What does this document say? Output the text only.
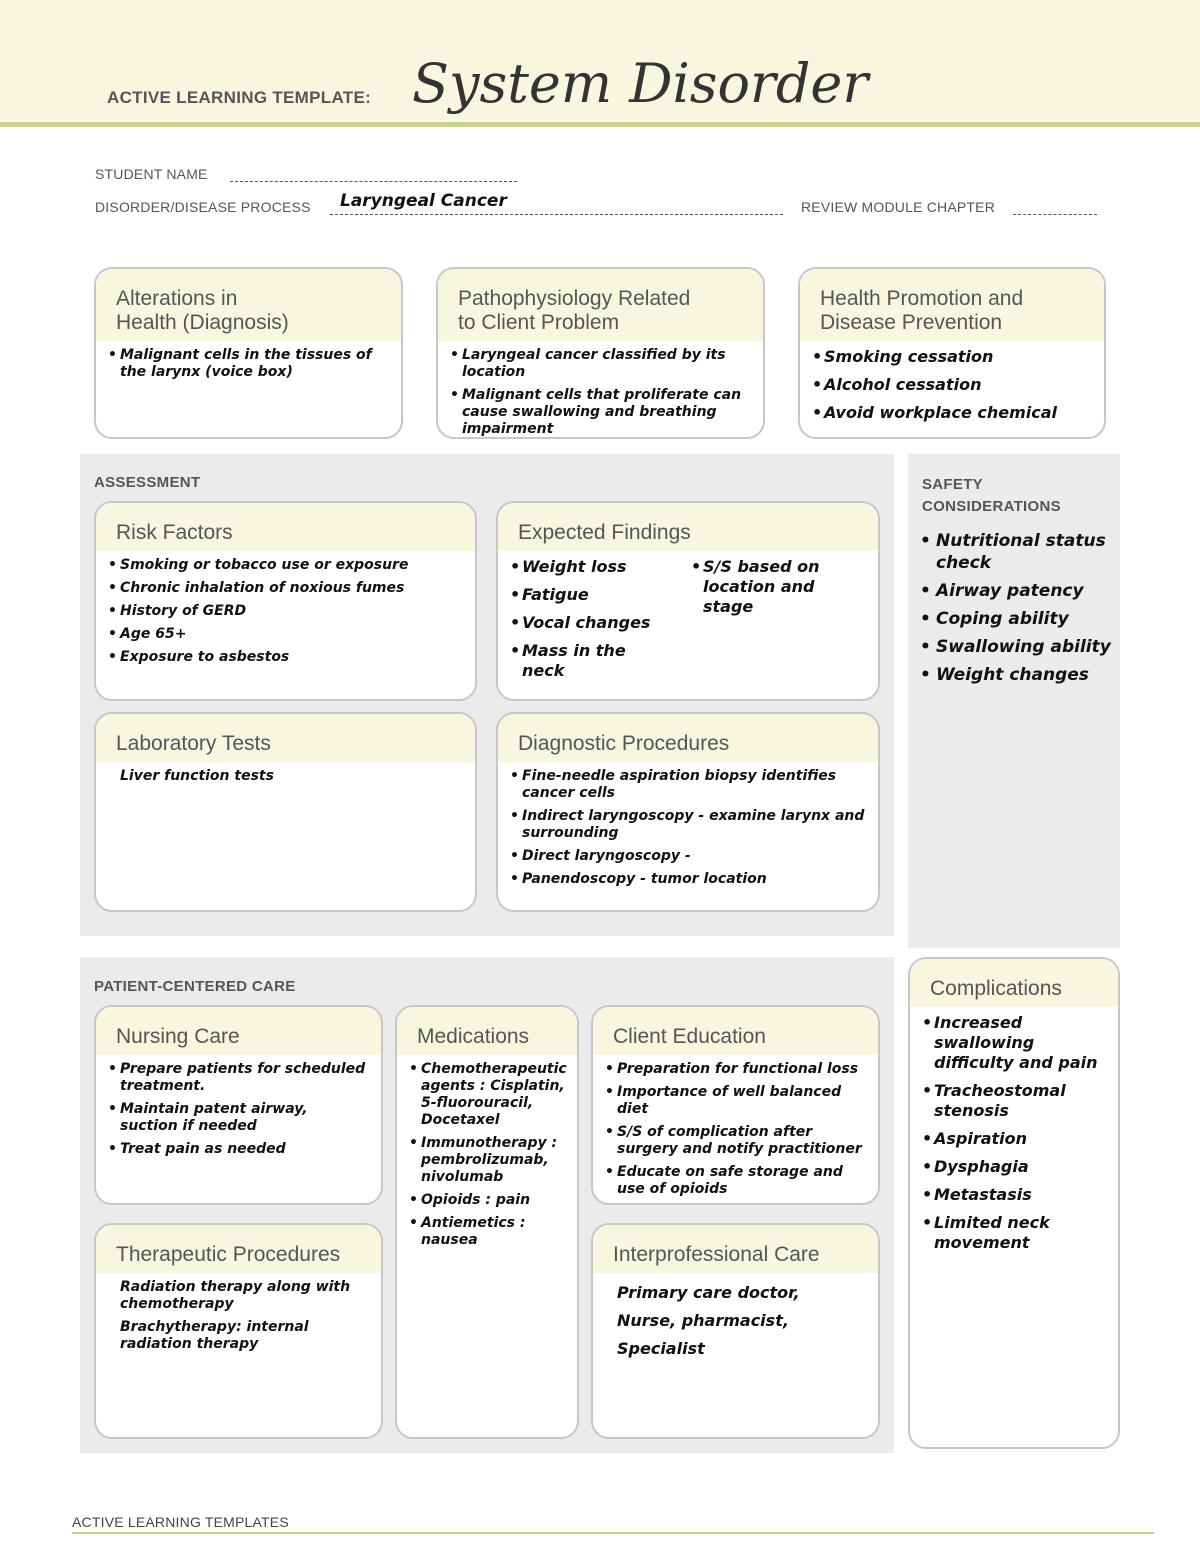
ACTIVE LEARNING TEMPLATE: System Disorder
STUDENT NAME
DISORDER/DISEASE PROCESS Laryngeal Cancer	REVIEW MODULE CHAPTER
Alterations in
Health (Diagnosis)
• Malignant cells in the tissues of the larynx (voice box)
Pathophysiology Related
to Client Problem
• Laryngeal cancer classified by its location
• Malignant cells that proliferate can cause swallowing and breathing impairment
Health Promotion and
Disease Prevention
• Smoking cessation
• Alcohol cessation
• Avoid workplace chemical
ASSESSMENT
Risk Factors
• Smoking or tobacco use or exposure
• Chronic inhalation of noxious fumes
• History of GERD
• Age 65+
• Exposure to asbestos
Expected Findings
• Weight loss
• Fatigue
• Vocal changes
• Mass in the neck
• S/S based on location and stage
Laboratory Tests
Liver function tests
Diagnostic Procedures
• Fine-needle aspiration biopsy identifies cancer cells
• Indirect laryngoscopy - examine larynx and surrounding
• Direct laryngoscopy -
• Panendoscopy - tumor location
SAFETY
CONSIDERATIONS
• Nutritional status check
• Airway patency
• Coping ability
• Swallowing ability
• Weight changes
PATIENT-CENTERED CARE
Nursing Care
• Prepare patients for scheduled treatment.
• Maintain patent airway, suction if needed
• Treat pain as needed
Medications
• Chemotherapeutic agents : Cisplatin, 5-fluorouracil, Docetaxel
• Immunotherapy : pembrolizumab, nivolumab
• Opioids : pain
• Antiemetics : nausea
Client Education
• Preparation for functional loss
• Importance of well balanced diet
• S/S of complication after surgery and notify practitioner
• Educate on safe storage and use of opioids
Therapeutic Procedures
Radiation therapy along with chemotherapy
Brachytherapy: internal radiation therapy
Interprofessional Care
Primary care doctor,
Nurse, pharmacist,
Specialist
Complications
• Increased swallowing difficulty and pain
• Tracheostomal stenosis
• Aspiration
• Dysphagia
• Metastasis
• Limited neck movement
ACTIVE LEARNING TEMPLATES
